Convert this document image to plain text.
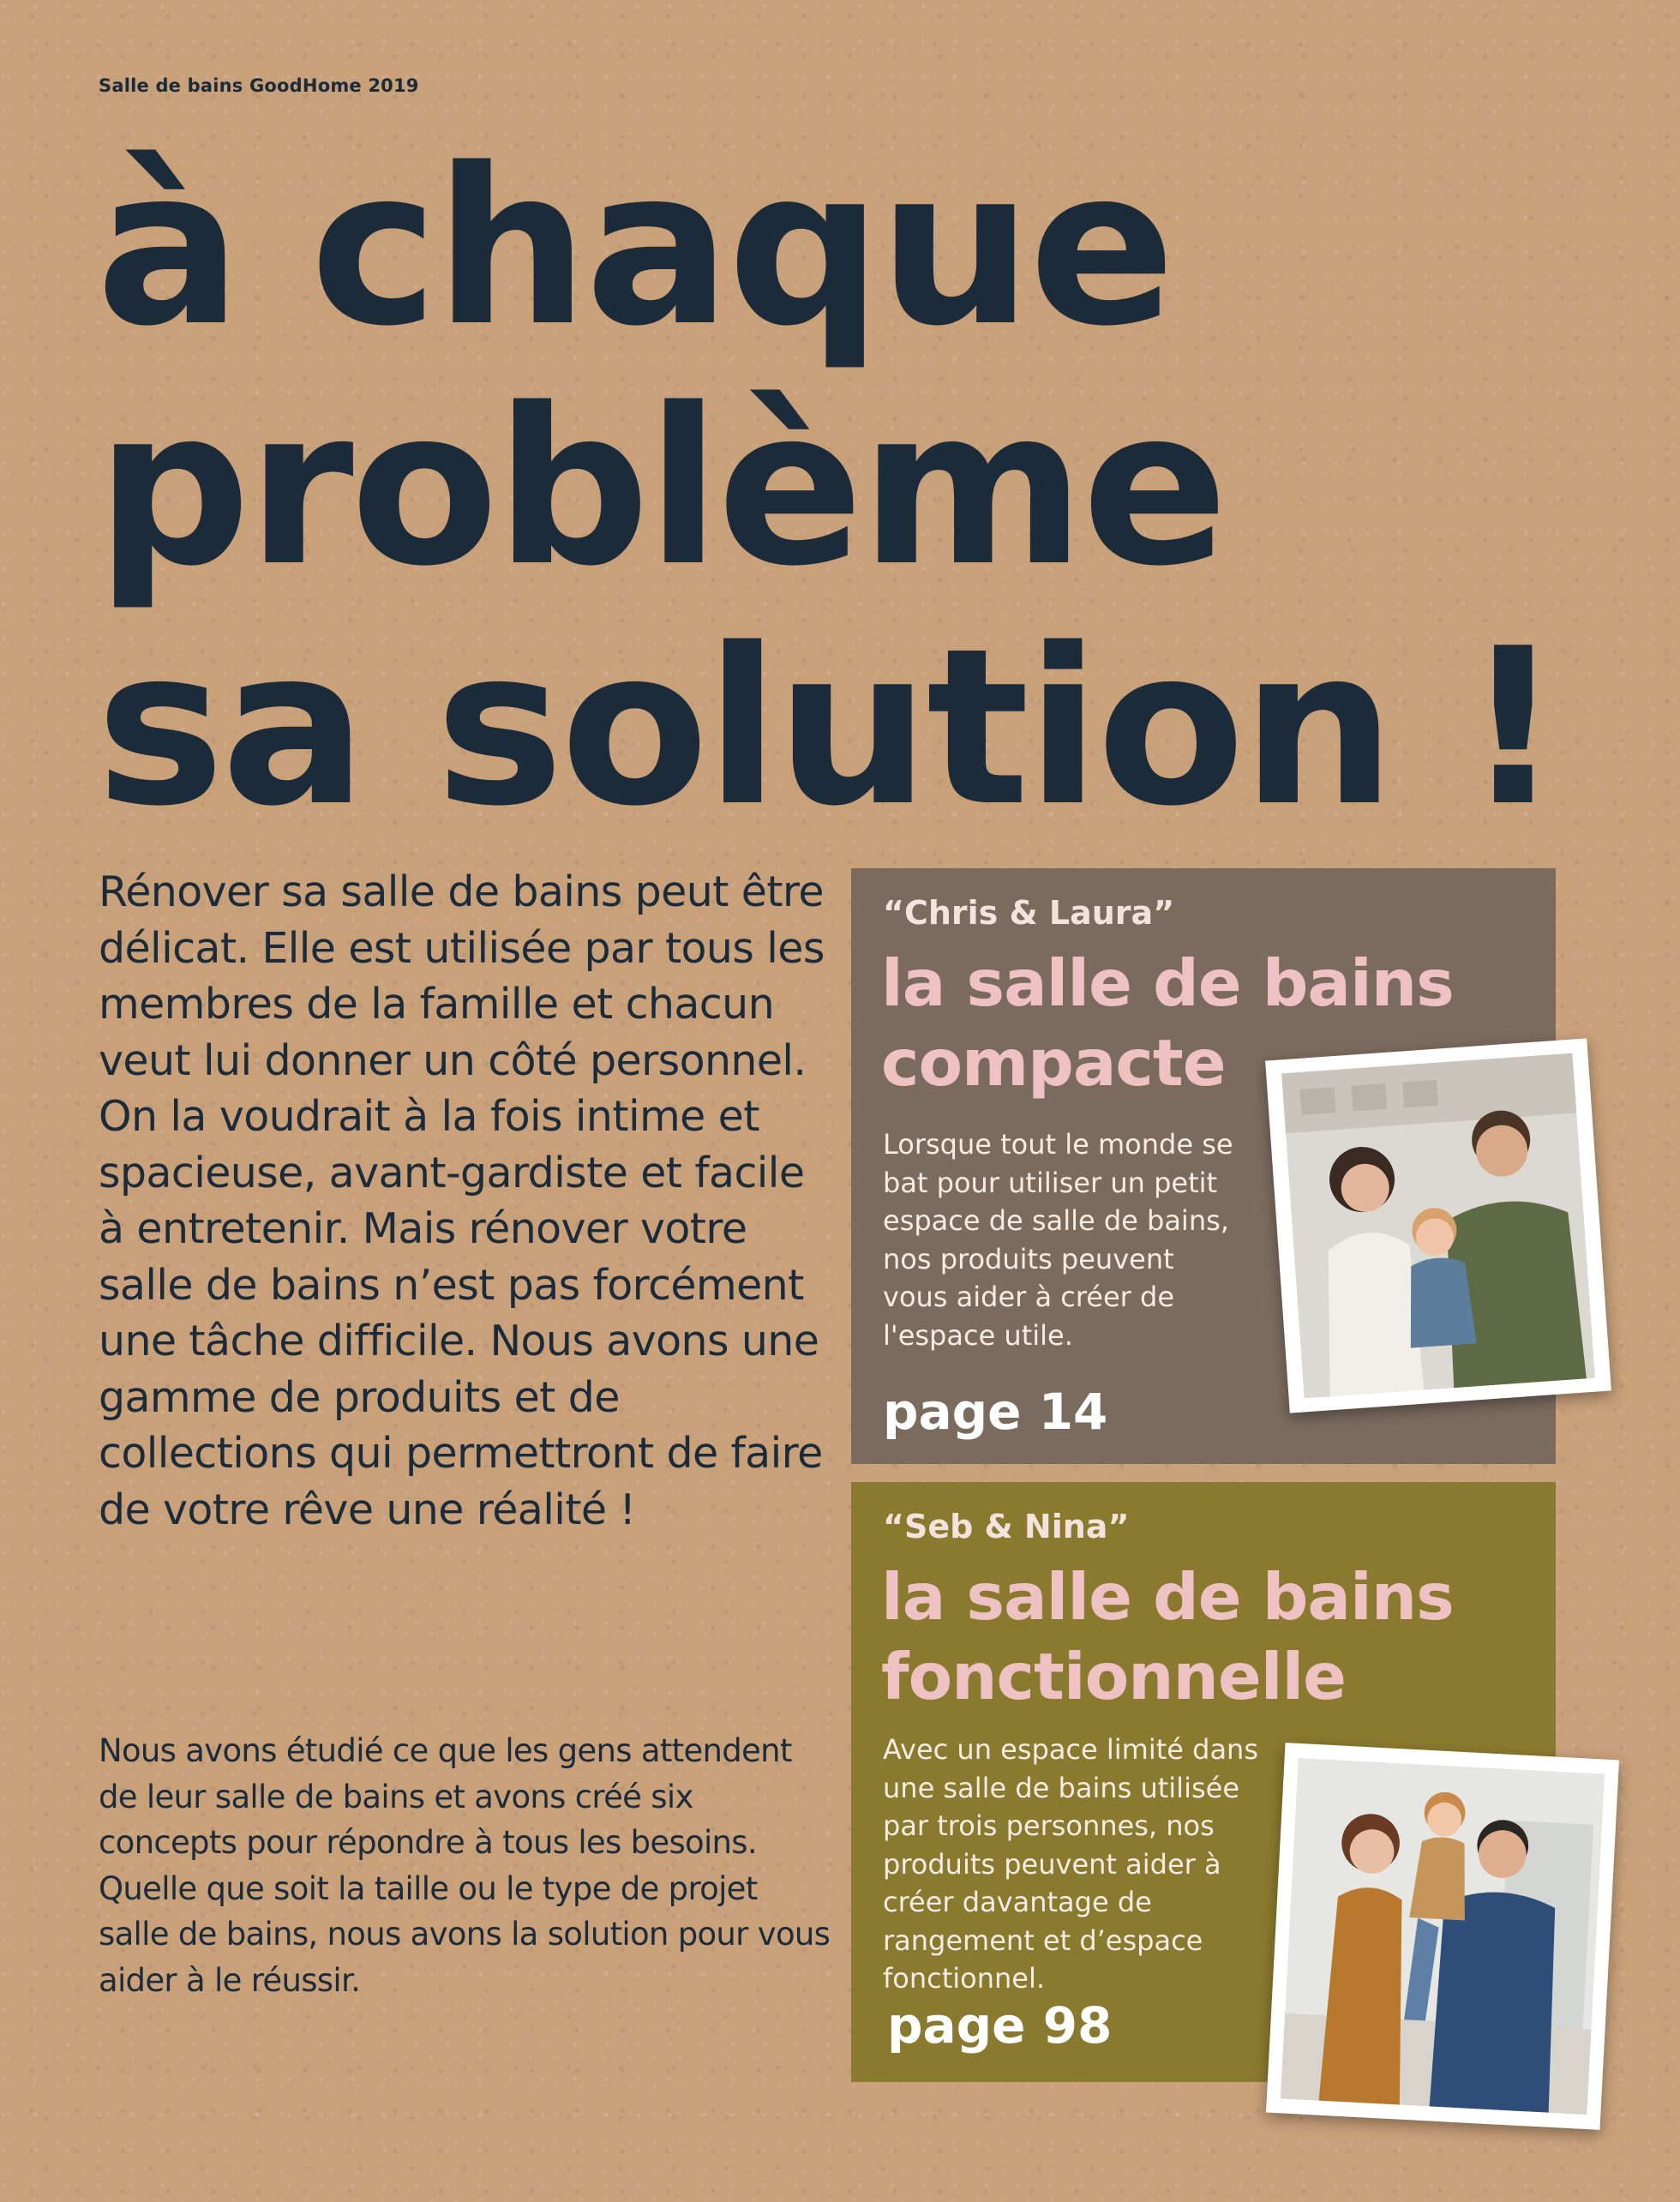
Salle de bains GoodHome 2019
à chaque
problème
sa solution !

Rénover sa salle de bains peut être délicat. Elle est utilisée par tous les membres de la famille et chacun veut lui donner un côté personnel. On la voudrait à la fois intime et spacieuse, avant-gardiste et facile à entretenir. Mais rénover votre salle de bains n’est pas forcément une tâche difficile. Nous avons une gamme de produits et de collections qui permettront de faire de votre rêve une réalité !

Nous avons étudié ce que les gens attendent de leur salle de bains et avons créé six concepts pour répondre à tous les besoins. Quelle que soit la taille ou le type de projet salle de bains, nous avons la solution pour vous aider à le réussir.

“Chris & Laura”
la salle de bains
compacte

Lorsque tout le monde se bat pour utiliser un petit espace de salle de bains, nos produits peuvent vous aider à créer de l'espace utile.

page 14
“Seb & Nina”
la salle de bains
fonctionnelle

Avec un espace limité dans une salle de bains utilisée par trois personnes, nos produits peuvent aider à créer davantage de rangement et d’espace fonctionnel.

page 98
